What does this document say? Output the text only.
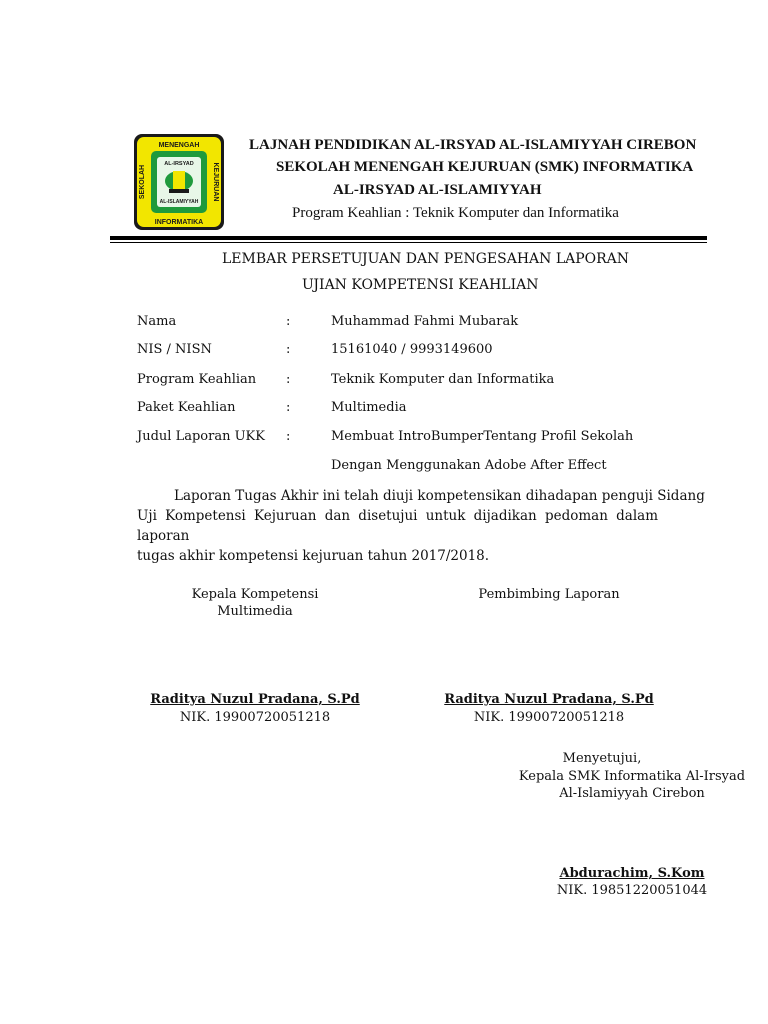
MENENGAH
INFORMATIKA
SEKOLAH	KEJURUAN
AL-IRSYAD
AL-ISLAMIYYAH
LAJNAH PENDIDIKAN AL-IRSYAD AL-ISLAMIYYAH CIREBON
SEKOLAH MENENGAH KEJURUAN (SMK) INFORMATIKA
AL-IRSYAD AL-ISLAMIYYAH
Program Keahlian : Teknik Komputer dan Informatika
LEMBAR PERSETUJUAN DAN PENGESAHAN LAPORAN
UJIAN KOMPETENSI KEAHLIAN
Nama	:	Muhammad Fahmi Mubarak
NIS / NISN	:	15161040 / 9993149600
Program Keahlian :	Teknik Komputer dan Informatika
Paket Keahlian	:	Multimedia
Judul Laporan UKK :	Membuat IntroBumperTentang Profil Sekolah
Dengan Menggunakan Adobe After Effect
Laporan Tugas Akhir ini telah diuji kompetensikan dihadapan penguji Sidang
Uji Kompetensi Kejuruan dan disetujui untuk dijadikan pedoman dalam laporan
tugas akhir kompetensi kejuruan tahun 2017/2018.
Kepala Kompetensi
Multimedia
Raditya Nuzul Pradana, S.Pd
NIK. 19900720051218
Pembimbing Laporan
Raditya Nuzul Pradana, S.Pd
NIK. 19900720051218
Menyetujui,
Kepala SMK Informatika Al-Irsyad
Al-Islamiyyah Cirebon
Abdurachim, S.Kom
NIK. 19851220051044
